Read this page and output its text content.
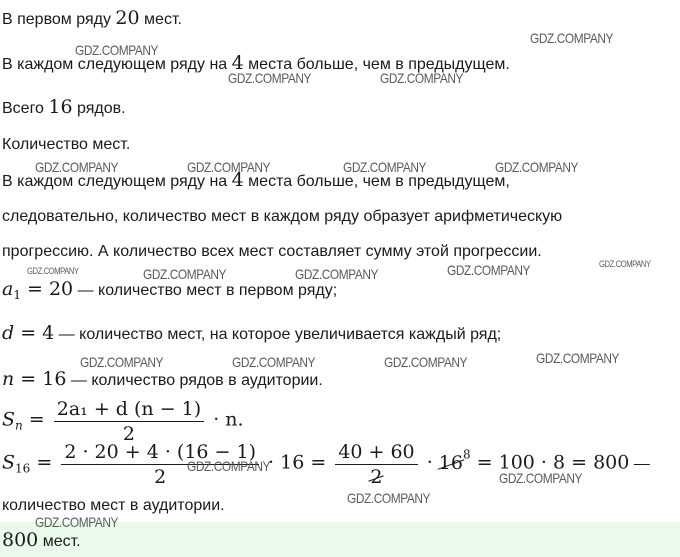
В первом ряду 20 мест.
В каждом следующем ряду на 4 места больше, чем в предыдущем.
Всего 16 рядов.
Количество мест.
В каждом следующем ряду на 4 места больше, чем в предыдущем,
следовательно, количество мест в каждом ряду образует арифметическую
прогрессию. А количество всех мест составляет сумму этой прогрессии.
$a_1 = 20$ — количество мест в первом ряду;
d = 4 — количество мест, на которое увеличивается каждый ряд;
n = 16 — количество рядов в аудитории.
$S_n = \frac{\text{2a₁ + d (n − 1)}}{2} \cdot n$.
$S_{16} = \frac{2 \cdot 20 + 4 \cdot (16 - 1)}{2} \cdot 16 = \frac{40 + 60}{2} \cdot 16^8 = 100 \cdot 8 = 800$ —
количество мест в аудитории.
800 мест.
GDZ.COMPANY
GDZ.COMPANY
GDZ.COMPANY	GDZ.COMPANY
GDZ.COMPANY	GDZ.COMPANY	GDZ.COMPANY	GDZ.COMPANY
GDZ.COMPANY	GDZ.COMPANY	GDZ.COMPANY	GDZ.COMPANY	GDZ.COMPANY
GDZ.COMPANY	GDZ.COMPANY	GDZ.COMPANY	GDZ.COMPANY
GDZ.COMPANY
GDZ.COMPANY
GDZ.COMPANY
GDZ.COMPANY
